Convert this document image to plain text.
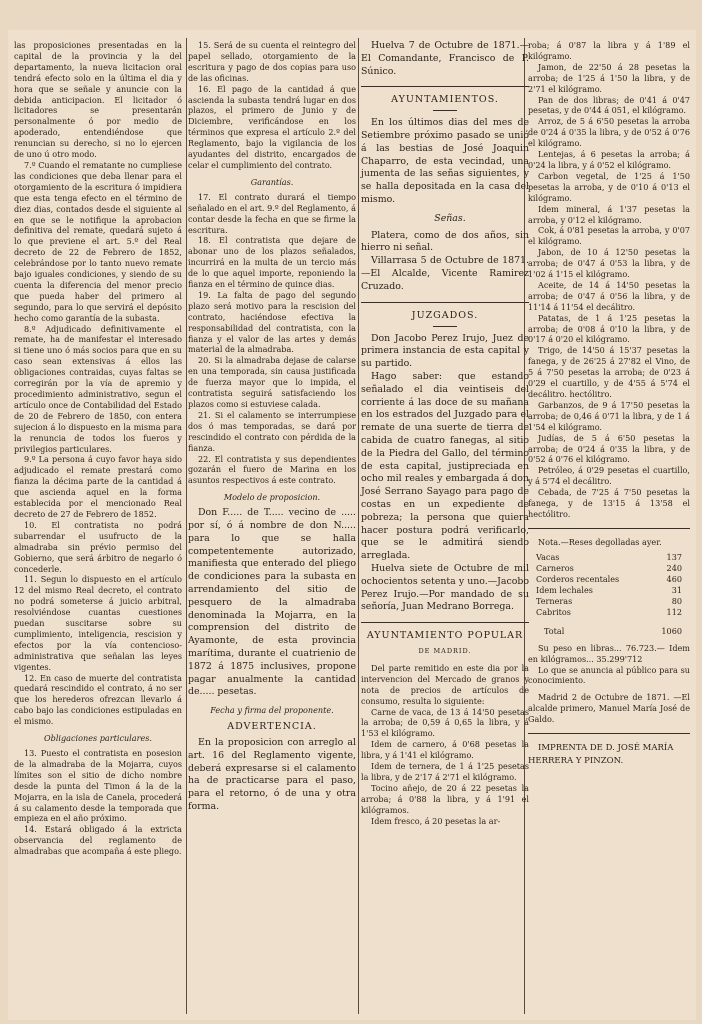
las proposiciones presentadas en la capital de la provincia y la del departamento, la nueva licitacion oral tendrá efecto solo en la última el dia y hora que se señale y anuncie con la debida anticipacion. El licitador ó licitadores se presentarán personalmente ó por medio de apoderado, entendiéndose que renuncian su derecho, si no lo ejercen de uno ú otro modo.

7.º Cuando el rematante no cumpliese las condiciones que deba llenar para el otorgamiento de la escritura ó impidiera que esta tenga efecto en el término de diez dias, contados desde el siguiente al en que se le notifique la aprobacion definitiva del remate, quedará sujeto á lo que previene el art. 5.º del Real decreto de 22 de Febrero de 1852, celebrándose por lo tanto nuevo remate bajo iguales condiciones, y siendo de su cuenta la diferencia del menor precio que pueda haber del primero al segundo, para lo que servirá el depósito hecho como garantía de la subasta.

8.º Adjudicado definitivamente el remate, ha de manifestar el interesado si tiene uno ó más socios para que en su caso sean extensivas á ellos las obligaciones contraidas, cuyas faltas se corregirán por la vía de apremio y procedimiento administrativo, segun el artículo once de Contabilidad del Estado de 20 de Febrero de 1850, con entera sujecion á lo dispuesto en la misma para la renuncia de todos los fueros y privilegios particulares.

9.º La persona á cuyo favor haya sido adjudicado el remate prestará como fianza la décima parte de la cantidad á que ascienda aquel en la forma establecida por el mencionado Real decreto de 27 de Febrero de 1852.

10. El contratista no podrá subarrendar el usufructo de la almadraba sin prévio permiso del Gobierno, que será árbitro de negarlo ó concederle.

11. Segun lo dispuesto en el artículo 12 del mismo Real decreto, el contrato no podrá someterse á juicio arbitral, resolviéndose cuantas cuestiones puedan suscitarse sobre su cumplimiento, inteligencia, rescision y efectos por la vía contencioso-administrativa que señalan las leyes vigentes.

12. En caso de muerte del contratista quedará rescindido el contrato, á no ser que los herederos ofrezcan llevarlo á cabo bajo las condiciones estipuladas en el mismo.

Obligaciones particulares.

13. Puesto el contratista en posesion de la almadraba de la Mojarra, cuyos límites son el sitio de dicho nombre desde la punta del Timon á la de la Mojarra, en la isla de Canela, procederá á su calamento desde la temporada que empieza en el año próximo.

14. Estará obligado á la extricta observancia del reglamento de almadrabas que acompaña á este pliego.

15. Será de su cuenta el reintegro del papel sellado, otorgamiento de la escritura y pago de dos copias para uso de las oficinas.

16. El pago de la cantidad á que ascienda la subasta tendrá lugar en dos plazos, el primero de Junio y de Diciembre, verificándose en los términos que expresa el artículo 2.º del Reglamento, bajo la vigilancia de los ayudantes del distrito, encargados de celar el cumplimiento del contrato.

Garantías.

17. El contrato durará el tiempo señalado en el art. 9.º del Reglamento, á contar desde la fecha en que se firme la escritura.

18. El contratista que dejare de abonar uno de los plazos señalados, incurrirá en la multa de un tercio más de lo que aquel importe, reponiendo la fianza en el término de quince dias.

19. La falta de pago del segundo plazo será motivo para la rescision del contrato, haciéndose efectiva la responsabilidad del contratista, con la fianza y el valor de las artes y demás material de la almadraba.

20. Si la almadraba dejase de calarse en una temporada, sin causa justificada de fuerza mayor que lo impida, el contratista seguirá satisfaciendo los plazos como si estuviese calada.

21. Si el calamento se interrumpiese dos ó mas temporadas, se dará por rescindido el contrato con pérdida de la fianza.

22. El contratista y sus dependientes gozarán el fuero de Marina en los asuntos respectivos á este contrato.

Modelo de proposicion.

Don F..... de T..... vecino de ..... por sí, ó á nombre de don N..... para lo que se halla competentemente autorizado, manifiesta que enterado del pliego de condiciones para la subasta en arrendamiento del sitio de pesquero de la almadraba denominada la Mojarra, en la comprension del distrito de Ayamonte, de esta provincia marítima, durante el cuatrienio de 1872 á 1875 inclusives, propone pagar anualmente la cantidad de..... pesetas.

Fecha y firma del proponente.

ADVERTENCIA.

En la proposicion con arreglo al art. 16 del Reglamento vigente, deberá expresarse si el calamento ha de practicarse para el paso, para el retorno, ó de una y otra forma.

Huelva 7 de Octubre de 1871.—El Comandante, Francisco de P. Súnico.

AYUNTAMIENTOS.

En los últimos dias del mes de Setiembre próximo pasado se unió á las bestias de José Joaquin Chaparro, de esta vecindad, una jumenta de las señas siguientes, y se halla depositada en la casa del mismo.

Señas.

Platera, como de dos años, sin hierro ni señal.

Villarrasa 5 de Octubre de 1871.—El Alcalde, Vicente Ramirez Cruzado.

JUZGADOS.

Don Jacobo Perez Irujo, Juez de primera instancia de esta capital y su partido.

Hago saber: que estando señalado el dia veintiseis del corriente á las doce de su mañana en los estrados del Juzgado para el remate de una suerte de tierra de cabida de cuatro fanegas, al sitio de la Piedra del Gallo, del término de esta capital, justipreciada en ocho mil reales y embargada á don José Serrano Sayago para pago de costas en un expediente de pobreza; la persona que quiera hacer postura podrá verificarlo, que se le admitirá siendo arreglada.

Huelva siete de Octubre de mil ochocientos setenta y uno.—Jacobo Perez Irujo.—Por mandado de su señoría, Juan Medrano Borrega.

AYUNTAMIENTO POPULAR
DE MADRID.

Del parte remitido en este dia por la intervencion del Mercado de granos y nota de precios de artículos de consumo, resulta lo siguiente:

Carne de vaca, de 13 á 14'50 pesetas la arroba; de 0,59 á 0,65 la libra, y á 1'53 el kilógramo.

Idem de carnero, á 0'68 pesetas la libra, y á 1'41 el kilógramo.

Idem de ternera, de 1 á 1'25 pesetas la libra, y de 2'17 á 2'71 el kilógramo.

Tocino añejo, de 20 á 22 pesetas la arroba; á 0'88 la libra, y á 1'91 el kilógramos.

Idem fresco, á 20 pesetas la ar-

roba; á 0'87 la libra y á 1'89 el kilógramo.

Jamon, de 22'50 á 28 pesetas la arroba; de 1'25 á 1'50 la libra, y de 2'71 el kilógramo.

Pan de dos libras; de 0'41 á 0'47 pesetas, y de 0'44 á 051, el kilógramo.

Arroz, de 5 á 6'50 pesetas la arroba de 0'24 á 0'35 la libra, y de 0'52 á 0'76 el kilógramo.

Lentejas, á 6 pesetas la arroba; á 0'24 la libra, y á 0'52 el kilógramo.

Carbon vegetal, de 1'25 á 1'50 pesetas la arroba, y de 0'10 á 0'13 el kilógramo.

Idem mineral, á 1'37 pesetas la arroba, y 0'12 el kilógramo.

Cok, á 0'81 pesetas la arroba, y 0'07 el kilógramo.

Jabon, de 10 á 12'50 pesetas la arroba; de 0'47 á 0'53 la libra, y de 1'02 á 1'15 el kilógramo.

Aceite, de 14 á 14'50 pesetas la arroba; de 0'47 á 0'56 la libra, y de 11'14 á 11'54 el decálitro.

Patatas, de 1 á 1'25 pesetas la arroba; de 0'08 á 0'10 la libra, y de 0'17 á 0'20 el kilógramo.

Trigo, de 14'50 á 15'37 pesetas la fanega, y de 26'25 á 27'82 el Vino, de 5 á 7'50 pesetas la arroba; de 0'23 á 0'29 el cuartillo, y de 4'55 á 5'74 el decálitro. hectólitro.

Garbanzos, de 9 á 17'50 pesetas la arroba; de 0,46 á 0'71 la libra, y de 1 á 1'54 el kilógramo.

Judías, de 5 á 6'50 pesetas la arroba; de 0'24 á 0'35 la libra, y de 0'52 á 0'76 el kilógramo.

Petróleo, á 0'29 pesetas el cuartillo, y á 5'74 el decálitro.

Cebada, de 7'25 á 7'50 pesetas la fanega, y de 13'15 á 13'58 el hectólitro.

Nota.—Reses degolladas ayer.

Vacas	137
Carneros	240
Corderos recentales	460
Idem lechales	31
Terneras	80
Cabritos	112
Total	1060

Su peso en libras... 76.723.— Idem en kilógramos... 35.299'712

Lo que se anuncia al público para su conocimiento.

Madrid 2 de Octubre de 1871. —El alcalde primero, Manuel María José de Galdo.

IMPRENTA DE D. JOSÉ MARÍA HERRERA Y PINZON.
